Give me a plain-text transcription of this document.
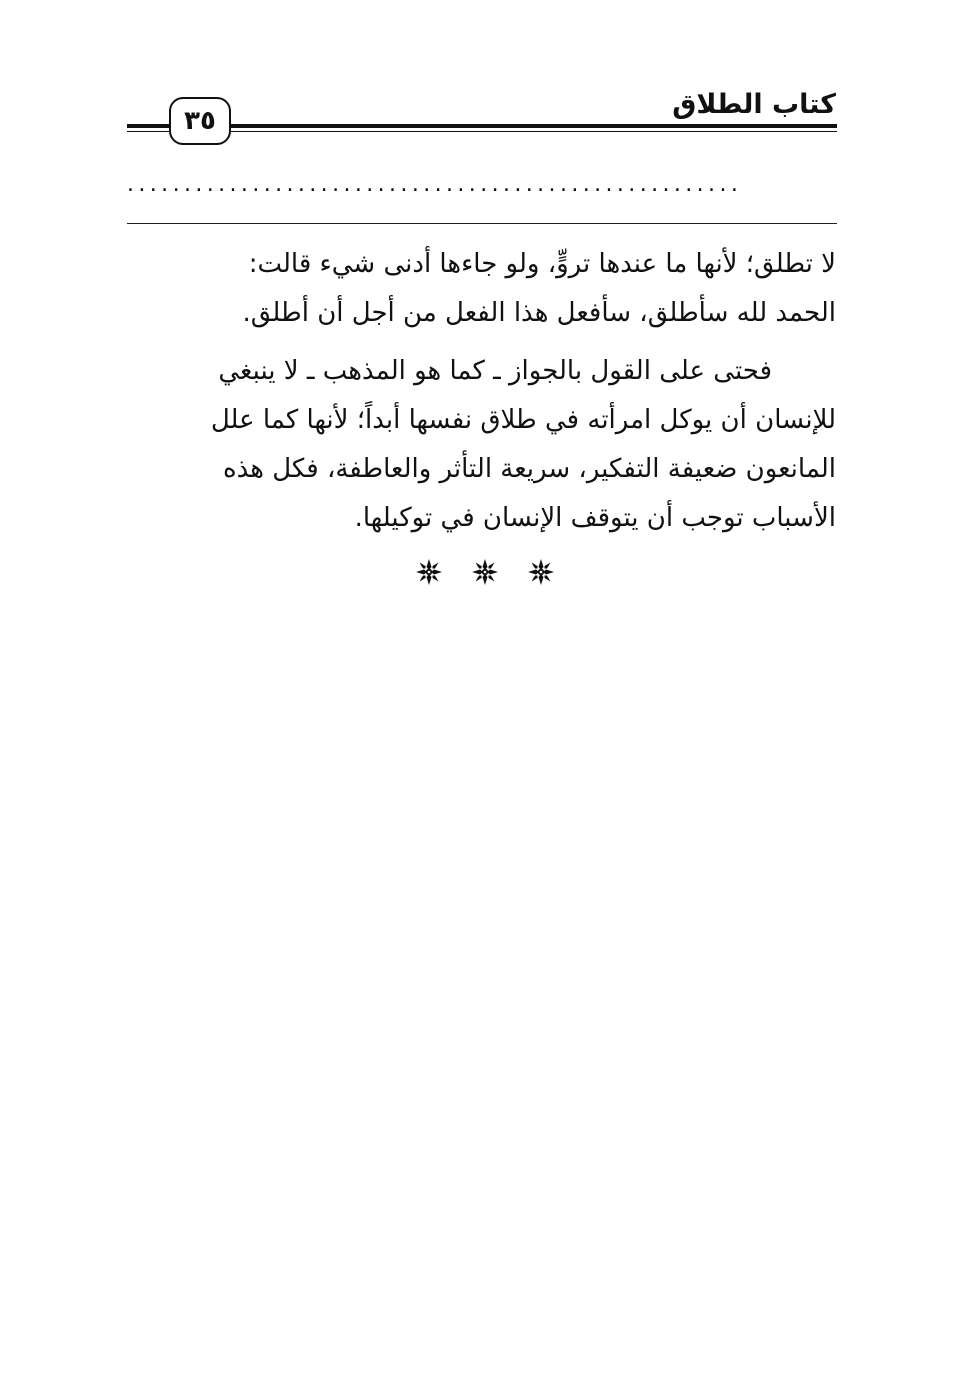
كتاب الطلاق
٣٥
......................................................

لا تطلق؛ لأنها ما عندها تروٍّ، ولو جاءها أدنى شيء قالت:

الحمد لله سأطلق، سأفعل هذا الفعل من أجل أن أطلق.

فحتى على القول بالجواز ـ كما هو المذهب ـ لا ينبغي

للإنسان أن يوكل امرأته في طلاق نفسها أبداً؛ لأنها كما علل

المانعون ضعيفة التفكير، سريعة التأثر والعاطفة، فكل هذه

الأسباب توجب أن يتوقف الإنسان في توكيلها.
